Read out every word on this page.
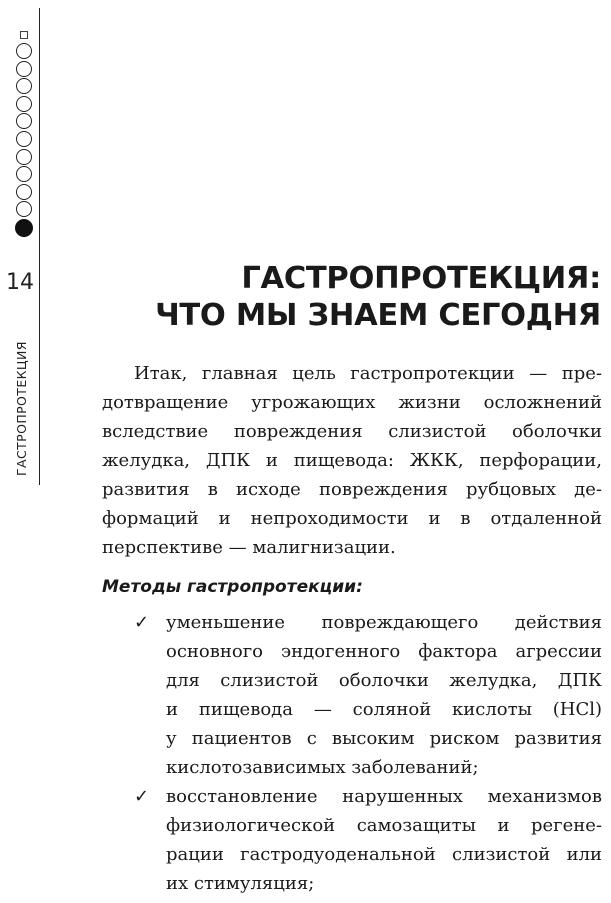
14
ГАСТРОПРОТЕКЦИЯ
ГАСТРОПРОТЕКЦИЯ:
ЧТО МЫ ЗНАЕМ СЕГОДНЯ

Итак, главная цель гастропротекции — пре-
дотвращение угрожающих жизни осложнений
вследствие повреждения слизистой оболочки
желудка, ДПК и пищевода: ЖКК, перфорации,
развития в исходе повреждения рубцовых де-
формаций и непроходимости и в отдаленной
перспективе — малигнизации.

Методы гастропротекции:
✓ уменьшение повреждающего действия
основного эндогенного фактора агрессии
для слизистой оболочки желудка, ДПК
и пищевода — соляной кислоты (HCl)
у пациентов с высоким риском развития
кислотозависимых заболеваний;
✓ восстановление нарушенных механизмов
физиологической самозащиты и регене-
рации гастродуоденальной слизистой или
их стимуляция;
